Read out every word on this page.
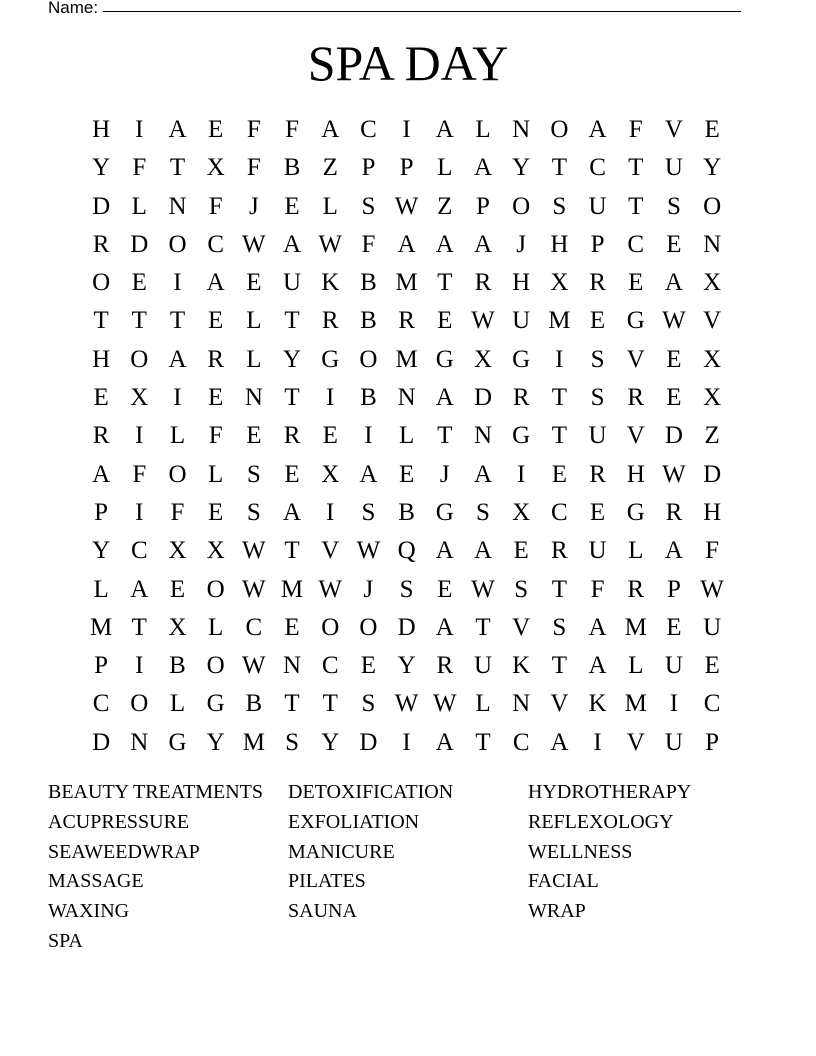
Name:
SPA DAY
H I	A E F F A C	I	A L N O A F V E
Y F T X F B Z P P L A Y T C T U Y
D L N F	J	E L S W Z P O S U T S O
R D O C W A W F A A A J H P C E N
O E	I	A E U K B M T R H X R E A X
T T T E L T R B R E W U M E G W V
H O A R L Y G O M G X G I	S V E X
E X I	E N T	I	B N A D R T S R E X
R	I	L F E R E	I	L T N G T U V D Z
A F O L S E X A E	J A I	E R H W D
P	I	F E S A I	S B G S X C E G R H
Y C X X W T V W Q A A E R U L A F
L A E O W M W J	S E W S T F R P W
M T X L C E O O D A T V S A M E U
P	I	B O W N C E Y R U K T A L U E
C O L G B T T S W W L N V K M I	C
D N G Y M S Y D I	A T C A I	V U P
BEAUTY TREATMENTS	DETOXIFICATION	HYDROTHERAPY
ACUPRESSURE	EXFOLIATION	REFLEXOLOGY
SEAWEEDWRAP	MANICURE	WELLNESS
MASSAGE	PILATES	FACIAL
WAXING	SAUNA	WRAP
SPA
